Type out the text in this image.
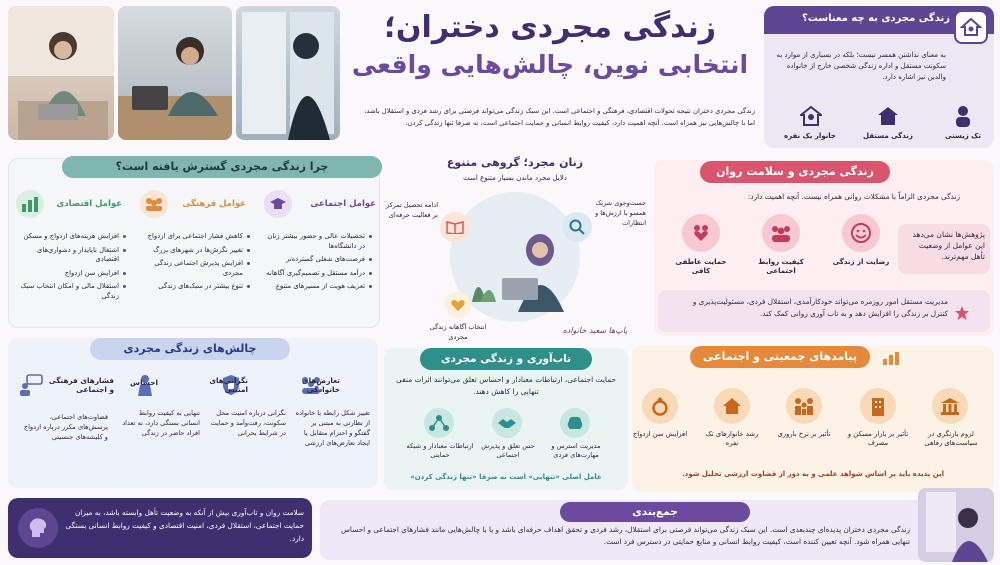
زندگی مجردی دختران؛
انتخابی نوین، چالش‌هایی واقعی
زندگی مجردی دختران نتیجه تحولات اقتصادی، فرهنگی و اجتماعی است. این سبک زندگی می‌تواند فرصتی برای رشد فردی و استقلال باشد،
اما با چالش‌هایی نیز همراه است. آنچه اهمیت دارد، کیفیت روابط انسانی و حمایت اجتماعی است، نه صرفا تنها زندگی کردن.
زندگی مجردی به چه معناست؟
به معنای نداشتن همسر نیست؛ بلکه در بسیاری از موارد به سکونت مستقل و اداره زندگی شخصی خارج از خانواده والدین نیز اشاره دارد.
تک زیستی
زندگی مستقل
خانوار یک نفره
چرا زندگی مجردی گسترش یافته است؟
عوامل اجتماعی
تحصیلات عالی و حضور بیشتر زنان در دانشگاه‌ها
فرصت‌های شغلی گسترده‌تر
درآمد مستقل و تصمیم‌گیری آگاهانه
تعریف هویت از مسیرهای متنوع
عوامل فرهنگی
کاهش فشار اجتماعی برای ازدواج
تغییر نگرش‌ها در شهرهای بزرگ
افزایش پذیرش اجتماعی زندگی مجردی
تنوع بیشتر در سبک‌های زندگی
عوامل اقتصادی
افزایش هزینه‌های ازدواج و مسکن
اشتغال ناپایدار و دشواری‌های اقتصادی
افزایش سن ازدواج
استقلال مالی و امکان انتخاب سبک زندگی
زنان مجرد؛ گروهی متنوع
دلایل مجرد ماندن بسیار متنوع است
ادامه تحصیل تمرکز بر فعالیت حرفه‌ای
جست‌وجوی شریک همسو با ارزش‌ها و انتظارات
انتخاب آگاهانه زندگی مجردی
پاپ‌ها سعید خانواده
زندگی مجردی و سلامت روان
زندگی مجردی الزاماً با مشکلات روانی همراه نیست. آنچه اهمیت دارد:
رضایت از زندگی
کیفیت روابط اجتماعی
حمایت عاطفی کافی
پژوهش‌ها نشان می‌دهد این عوامل از وضعیت تأهل مهم‌ترند.
مدیریت مستقل امور روزمره می‌تواند خودکارآمدی، استقلال فردی، مسئولیت‌پذیری و کنترل بر زندگی را افزایش دهد و به تاب آوری روانی کمک کند.
چالش‌های زندگی مجردی
تعارض‌های خانوادگی
تغییر شکل رابطه با خانواده از نظارتی به مبتنی بر گفتگو و احترام متقابل یا ایجاد تعارض‌های ارزشی
نگرانی‌های امنیتی
نگرانی درباره امنیت محل سکونت، رفت‌وآمد و حمایت در شرایط بحرانی
احساس
تنهایی به کیفیت روابط انسانی بستگی دارد، نه تعداد افراد حاضر در زندگی
فشارهای فرهنگی و اجتماعی
قضاوت‌های اجتماعی، پرسش‌های مکرر درباره ازدواج و کلیشه‌های جنسیتی
تاب‌آوری و زندگی مجردی
حمایت اجتماعی، ارتباطات معنادار و احساس تعلق می‌توانند اثرات منفی تنهایی را کاهش دهند.
مدیریت استرس و مهارت‌های فردی
حس تعلق و پذیرش اجتماعی
ارتباطات معنادار و شبکه حمایتی
عامل اصلی «تنهایی» است نه صرفا «تنها زندگی کردن»
پیامدهای جمعیتی و اجتماعی
لزوم بازنگری در سیاست‌های رفاهی
تأثیر بر بازار مسکن و مصرف
تأثیر بر نرخ باروری
رشد خانوارهای تک نفره
افزایش سن ازدواج
این پدیده باید بر اساس شواهد علمی و به دور از قضاوت ارزشی تحلیل شود.
سلامت روان و تاب‌آوری بیش از آنکه به وضعیت تأهل وابسته باشد، به میزان حمایت اجتماعی، استقلال فردی، امنیت اقتصادی و کیفیت روابط انسانی بستگی دارد.
جمع‌بندی
زندگی مجردی دختران پدیده‌ای چندبعدی است. این سبک زندگی می‌تواند فرصتی برای استقلال، رشد فردی و تحقق اهداف حرفه‌ای باشد و یا با چالش‌هایی مانند فشارهای اجتماعی و احساس تنهایی همراه شود. آنچه تعیین کننده است، کیفیت روابط انسانی و منابع حمایتی در دسترس فرد است.
